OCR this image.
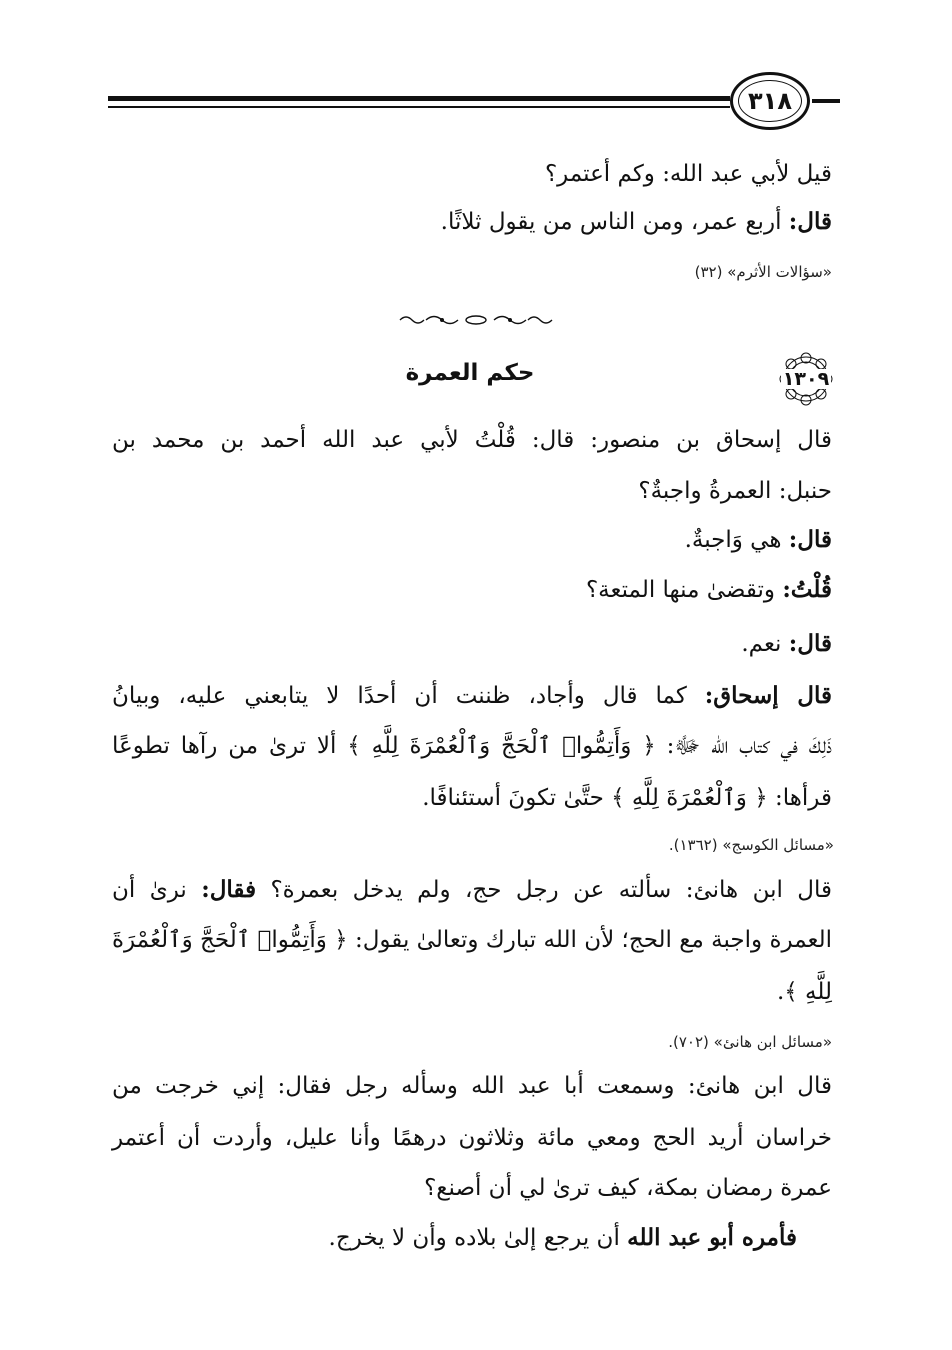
٣١٨
قيل لأبي عبد الله: وكم أعتمر؟
قال: أربع عمر، ومن الناس من يقول ثلاثًا.
«سؤالات الأثرم» (٣٢)
١٣٠٩
حكم العمرة
قال إسحاق بن منصور: قال: قُلْتُ لأبي عبد الله أحمد بن محمد بن
حنبل: العمرةُ واجبةٌ؟
قال: هي وَاجبةٌ.
قُلْتُ: وتقضىٰ منها المتعة؟
قال: نعم.
قال إسحاق: كما قال وأجاد، ظننت أن أحدًا لا يتابعني عليه، وبيانُ
ذَلِكَ في كتاب الله ﷻ: ﴿ وَأَتِمُّوا۟ ٱلْحَجَّ وَٱلْعُمْرَةَ لِلَّهِ ﴾ ألا ترىٰ من رآها تطوعًا
قرأها: ﴿ وَٱلْعُمْرَةَ لِلَّهِ ﴾ حتَّىٰ تكونَ أستئنافًا.
«مسائل الكوسج» (١٣٦٢).
قال ابن هانئ: سألته عن رجل حج، ولم يدخل بعمرة؟ فقال: نرىٰ أن
العمرة واجبة مع الحج؛ لأن الله تبارك وتعالىٰ يقول: ﴿ وَأَتِمُّوا۟ ٱلْحَجَّ وَٱلْعُمْرَةَ
لِلَّهِ ﴾.
«مسائل ابن هانئ» (٧٠٢).
قال ابن هانئ: وسمعت أبا عبد الله وسأله رجل فقال: إني خرجت من
خراسان أريد الحج ومعي مائة وثلاثون درهمًا وأنا عليل، وأردت أن أعتمر
عمرة رمضان بمكة، كيف ترىٰ لي أن أصنع؟
فأمره أبو عبد الله أن يرجع إلىٰ بلاده وأن لا يخرج.
